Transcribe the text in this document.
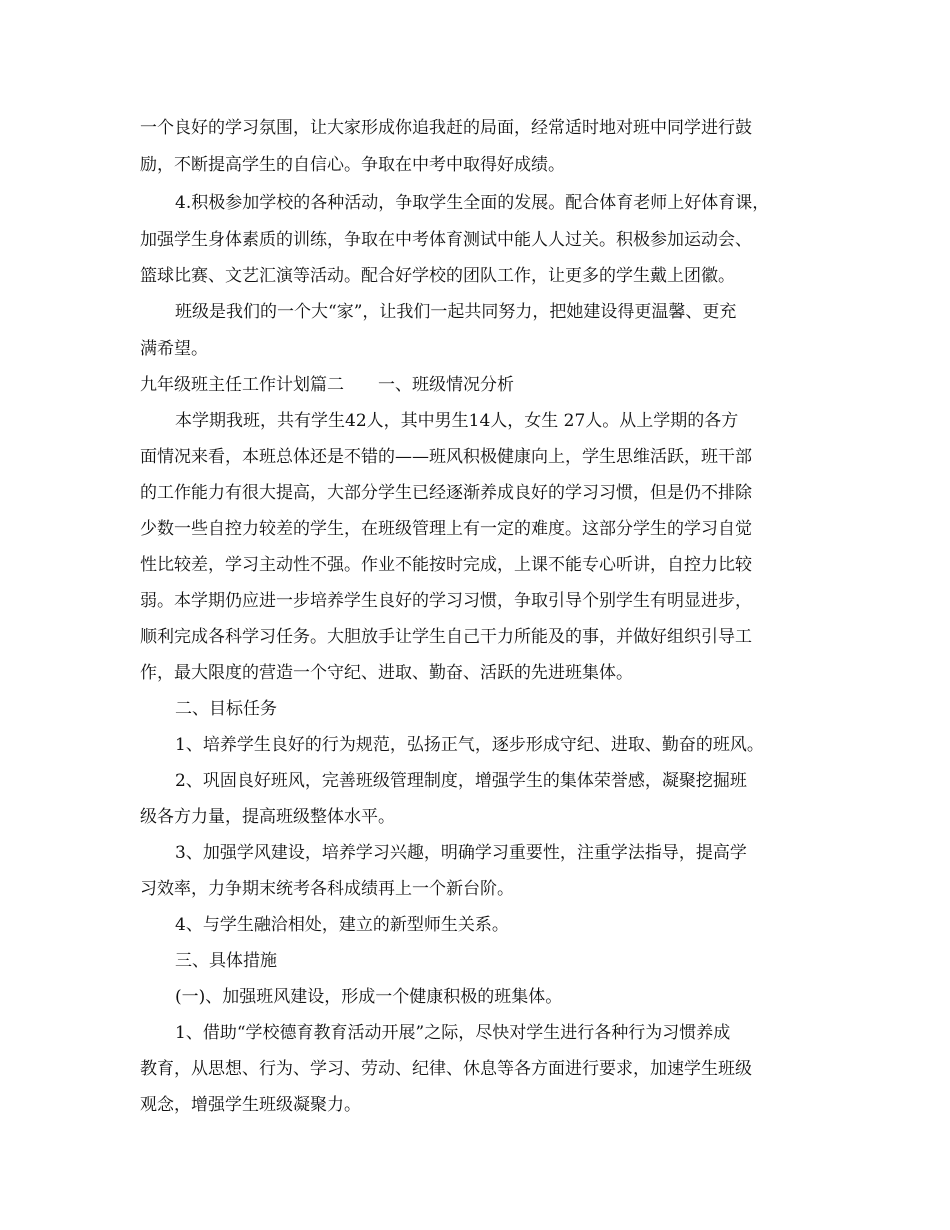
一个良好的学习氛围，让大家形成你追我赶的局面，经常适时地对班中同学进行鼓
励，不断提高学生的自信心。争取在中考中取得好成绩。
4.积极参加学校的各种活动，争取学生全面的发展。配合体育老师上好体育课，
加强学生身体素质的训练，争取在中考体育测试中能人人过关。积极参加运动会、
篮球比赛、文艺汇演等活动。配合好学校的团队工作，让更多的学生戴上团徽。
班级是我们的一个大“家”，让我们一起共同努力，把她建设得更温馨、更充
满希望。
九年级班主任工作计划篇二　　一、班级情况分析
本学期我班，共有学生42人，其中男生14人，女生 27人。从上学期的各方
面情况来看，本班总体还是不错的——班风积极健康向上，学生思维活跃，班干部
的工作能力有很大提高，大部分学生已经逐渐养成良好的学习习惯，但是仍不排除
少数一些自控力较差的学生，在班级管理上有一定的难度。这部分学生的学习自觉
性比较差，学习主动性不强。作业不能按时完成，上课不能专心听讲，自控力比较
弱。本学期仍应进一步培养学生良好的学习习惯，争取引导个别学生有明显进步，
顺利完成各科学习任务。大胆放手让学生自己干力所能及的事，并做好组织引导工
作，最大限度的营造一个守纪、进取、勤奋、活跃的先进班集体。
二、目标任务
1、培养学生良好的行为规范，弘扬正气，逐步形成守纪、进取、勤奋的班风。
2、巩固良好班风，完善班级管理制度，增强学生的集体荣誉感，凝聚挖掘班
级各方力量，提高班级整体水平。
3、加强学风建设，培养学习兴趣，明确学习重要性，注重学法指导，提高学
习效率，力争期末统考各科成绩再上一个新台阶。
4、与学生融洽相处，建立的新型师生关系。
三、具体措施
(一)、加强班风建设，形成一个健康积极的班集体。
1、借助“学校德育教育活动开展”之际，尽快对学生进行各种行为习惯养成
教育，从思想、行为、学习、劳动、纪律、休息等各方面进行要求，加速学生班级
观念，增强学生班级凝聚力。
